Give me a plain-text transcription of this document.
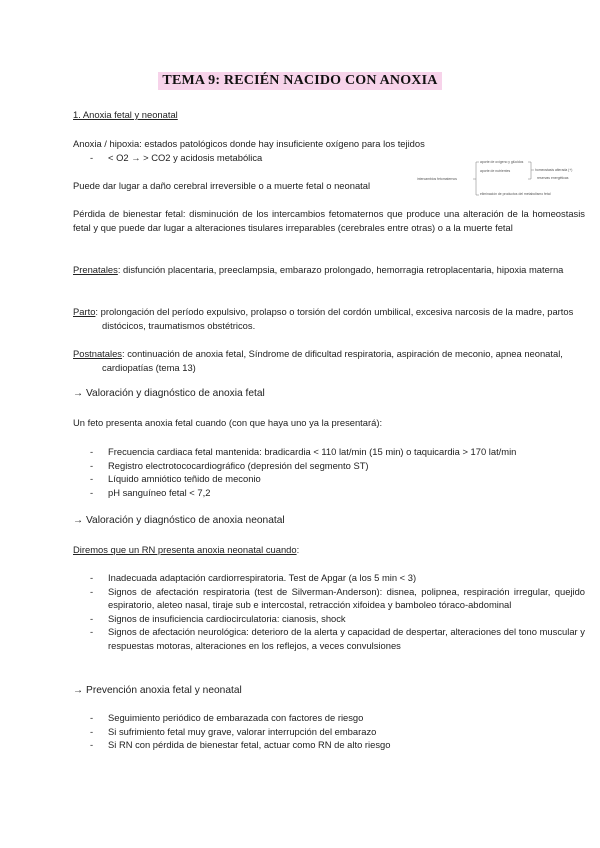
TEMA 9: RECIÉN NACIDO CON ANOXIA
1. Anoxia fetal y neonatal
Anoxia / hipoxia: estados patológicos donde hay insuficiente oxígeno para los tejidos
- < O2 → > CO2 y acidosis metabólica
Puede dar lugar a daño cerebral irreversible o a muerte fetal o neonatal
intercambios fetomaternos
aporte de oxígeno y glúcidos
aporte de nutrientes	homeostasis alterada (+)
reservas energéticas
eliminación de productos del metabolismo fetal
Pérdida de bienestar fetal: disminución de los intercambios fetomaternos que produce una alteración de la homeostasis fetal y que puede dar lugar a alteraciones tisulares irreparables (cerebrales entre otras) o a la muerte fetal
Prenatales: disfunción placentaria, preeclampsia, embarazo prolongado, hemorragia retroplacentaria, hipoxia materna
Parto: prolongación del período expulsivo, prolapso o torsión del cordón umbilical, excesiva narcosis de la madre, partos distócicos, traumatismos obstétricos.
Postnatales: continuación de anoxia fetal, Síndrome de dificultad respiratoria, aspiración de meconio, apnea neonatal, cardiopatías (tema 13)
→ Valoración y diagnóstico de anoxia fetal
Un feto presenta anoxia fetal cuando (con que haya uno ya la presentará):
- Frecuencia cardiaca fetal mantenida: bradicardia < 110 lat/min (15 min) o taquicardia > 170 lat/min
- Registro electrotococardiográfico (depresión del segmento ST)
- Líquido amniótico teñido de meconio
- pH sanguíneo fetal < 7,2
→ Valoración y diagnóstico de anoxia neonatal
Diremos que un RN presenta anoxia neonatal cuando:
- Inadecuada adaptación cardiorrespiratoria. Test de Apgar (a los 5 min < 3)
- Signos de afectación respiratoria (test de Silverman-Anderson): disnea, polipnea, respiración irregular, quejido espiratorio, aleteo nasal, tiraje sub e intercostal, retracción xifoidea y bamboleo tóraco-abdominal
- Signos de insuficiencia cardiocirculatoria: cianosis, shock
- Signos de afectación neurológica: deterioro de la alerta y capacidad de despertar, alteraciones del tono muscular y respuestas motoras, alteraciones en los reflejos, a veces convulsiones
→ Prevención anoxia fetal y neonatal
- Seguimiento periódico de embarazada con factores de riesgo
- Si sufrimiento fetal muy grave, valorar interrupción del embarazo
- Si RN con pérdida de bienestar fetal, actuar como RN de alto riesgo
